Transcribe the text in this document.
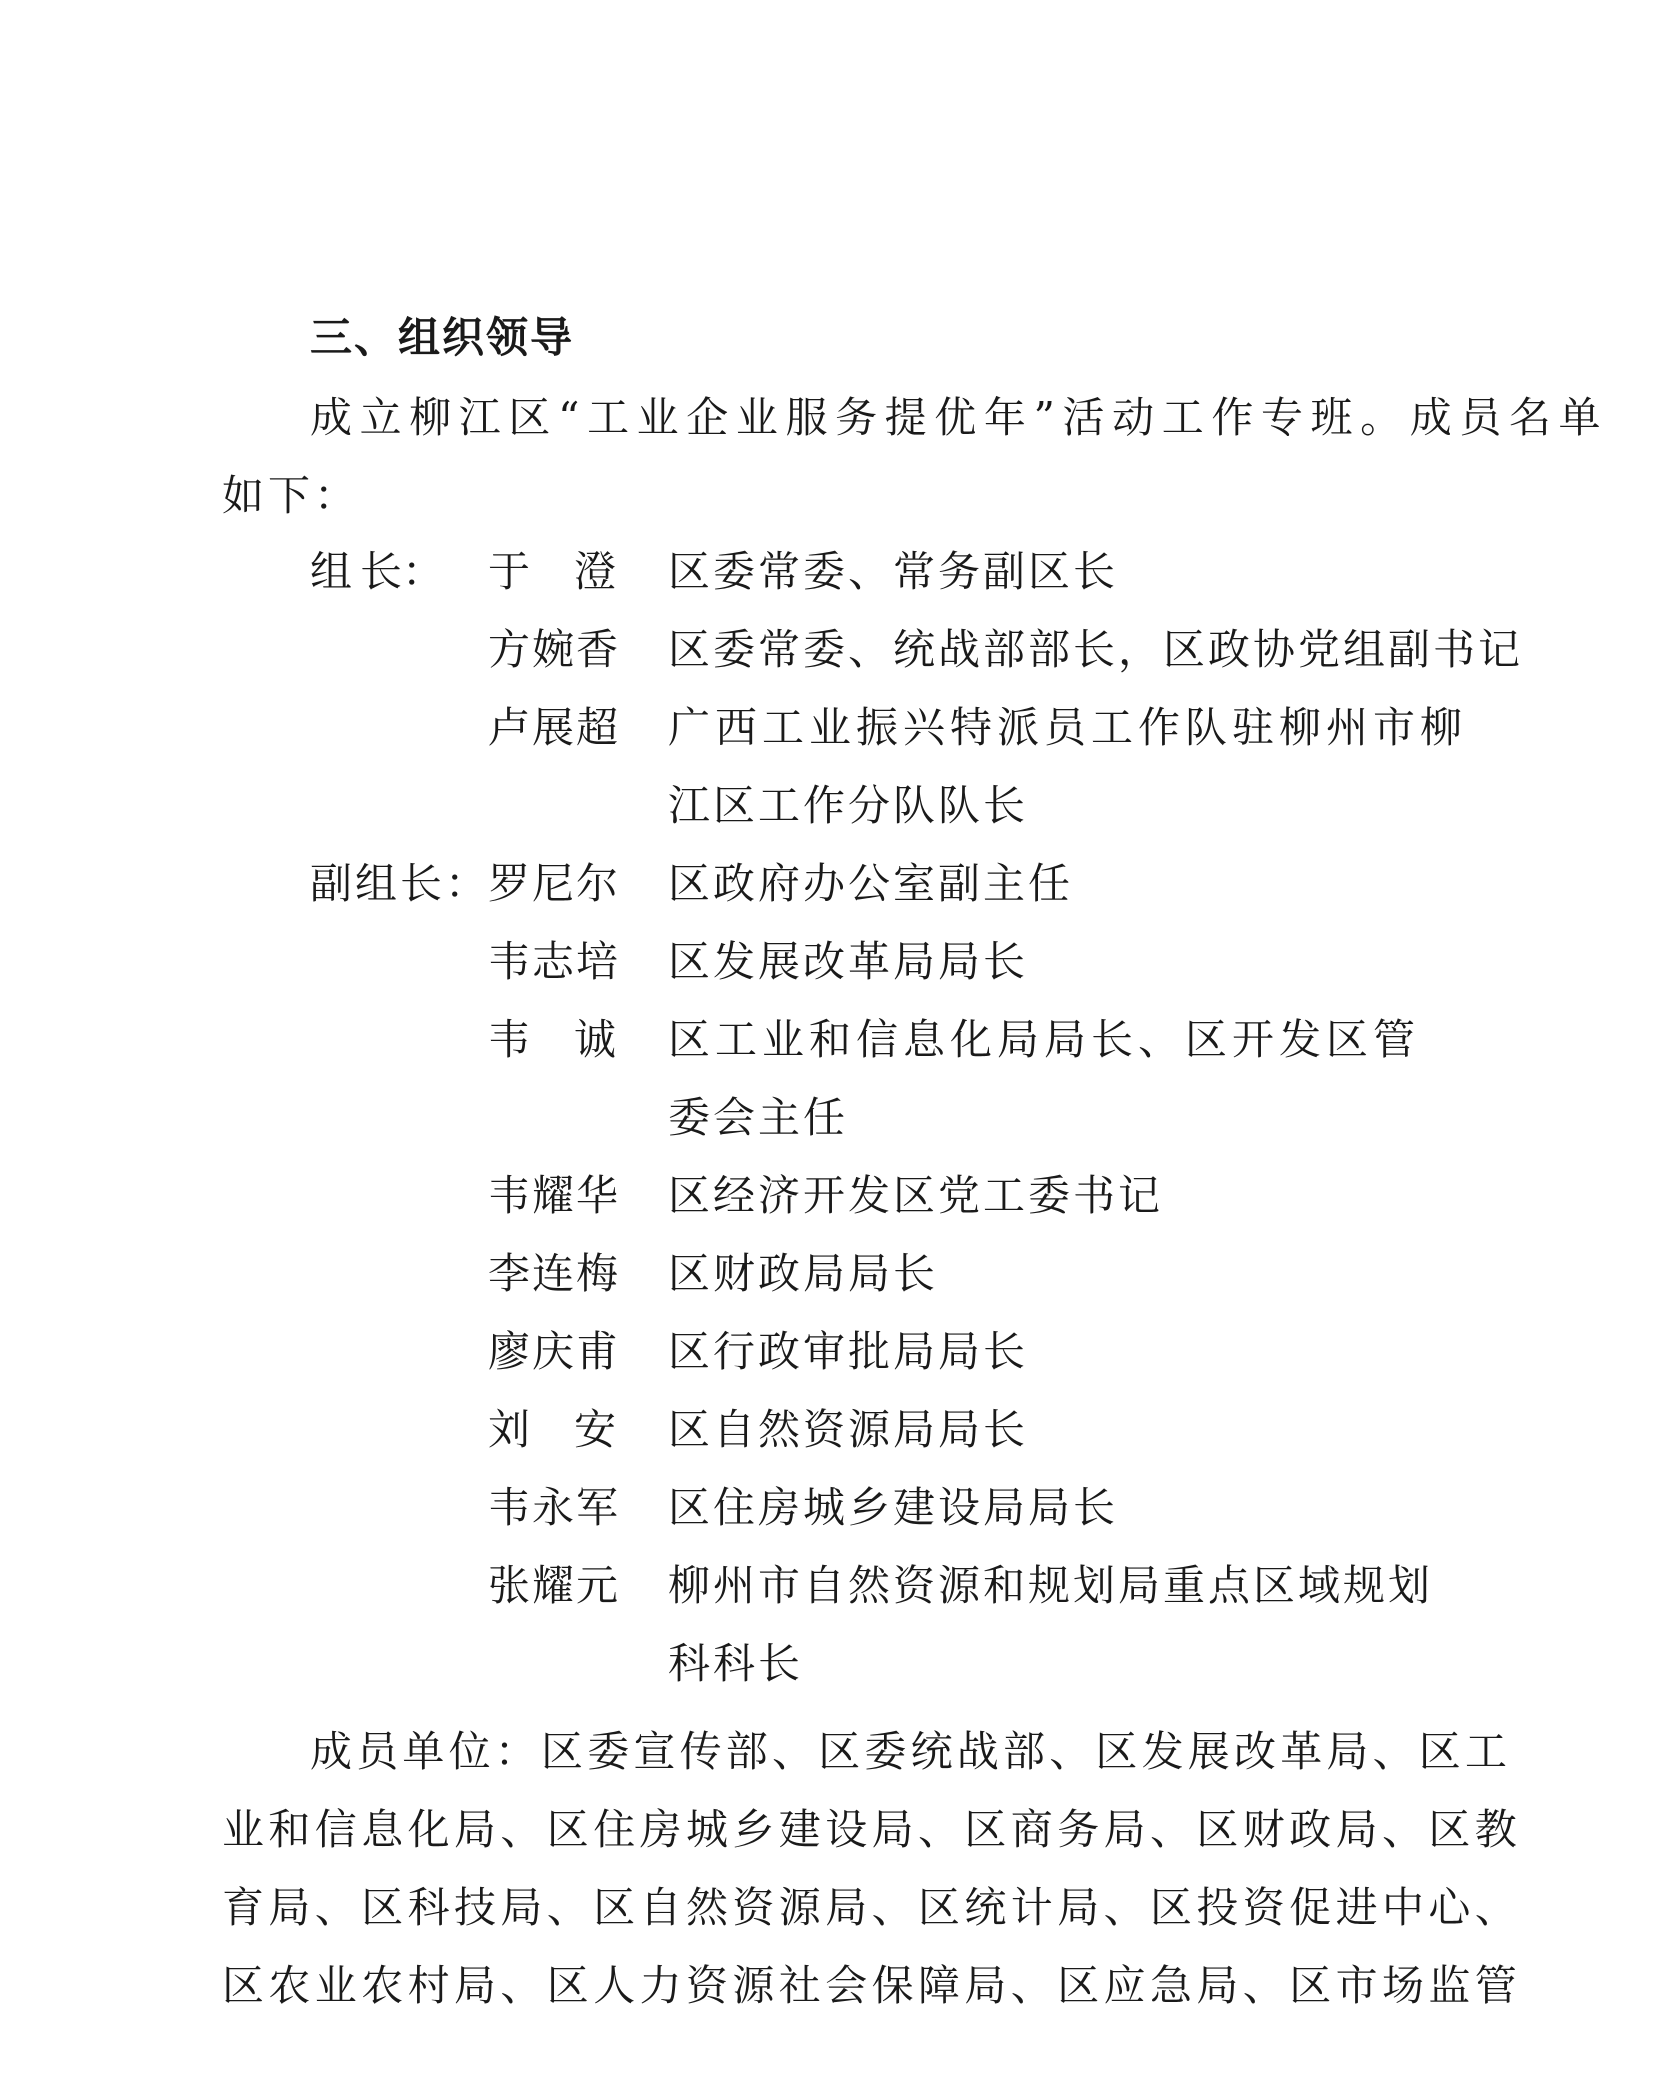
三、组织领导
成立柳江区“工业企业服务提优年”活动工作专班。成员名单
如下：
组 长： 于 澄 区委常委、常务副区长
方婉香 区委常委、统战部部长，区政协党组副书记
卢展超 广西工业振兴特派员工作队驻柳州市柳
江区工作分队队长
副组长：
罗尼尔 区政府办公室副主任
韦志培 区发展改革局局长
韦 诚 区工业和信息化局局长、区开发区管
委会主任
韦耀华 区经济开发区党工委书记
李连梅 区财政局局长
廖庆甫 区行政审批局局长
刘 安 区自然资源局局长
韦永军 区住房城乡建设局局长
张耀元 柳州市自然资源和规划局重点区域规划
科科长
成员单位：区委宣传部、区委统战部、区发展改革局、区工
业和信息化局、区住房城乡建设局、区商务局、区财政局、区教
育局、区科技局、区自然资源局、区统计局、区投资促进中心、
区农业农村局、区人力资源社会保障局、区应急局、区市场监管
